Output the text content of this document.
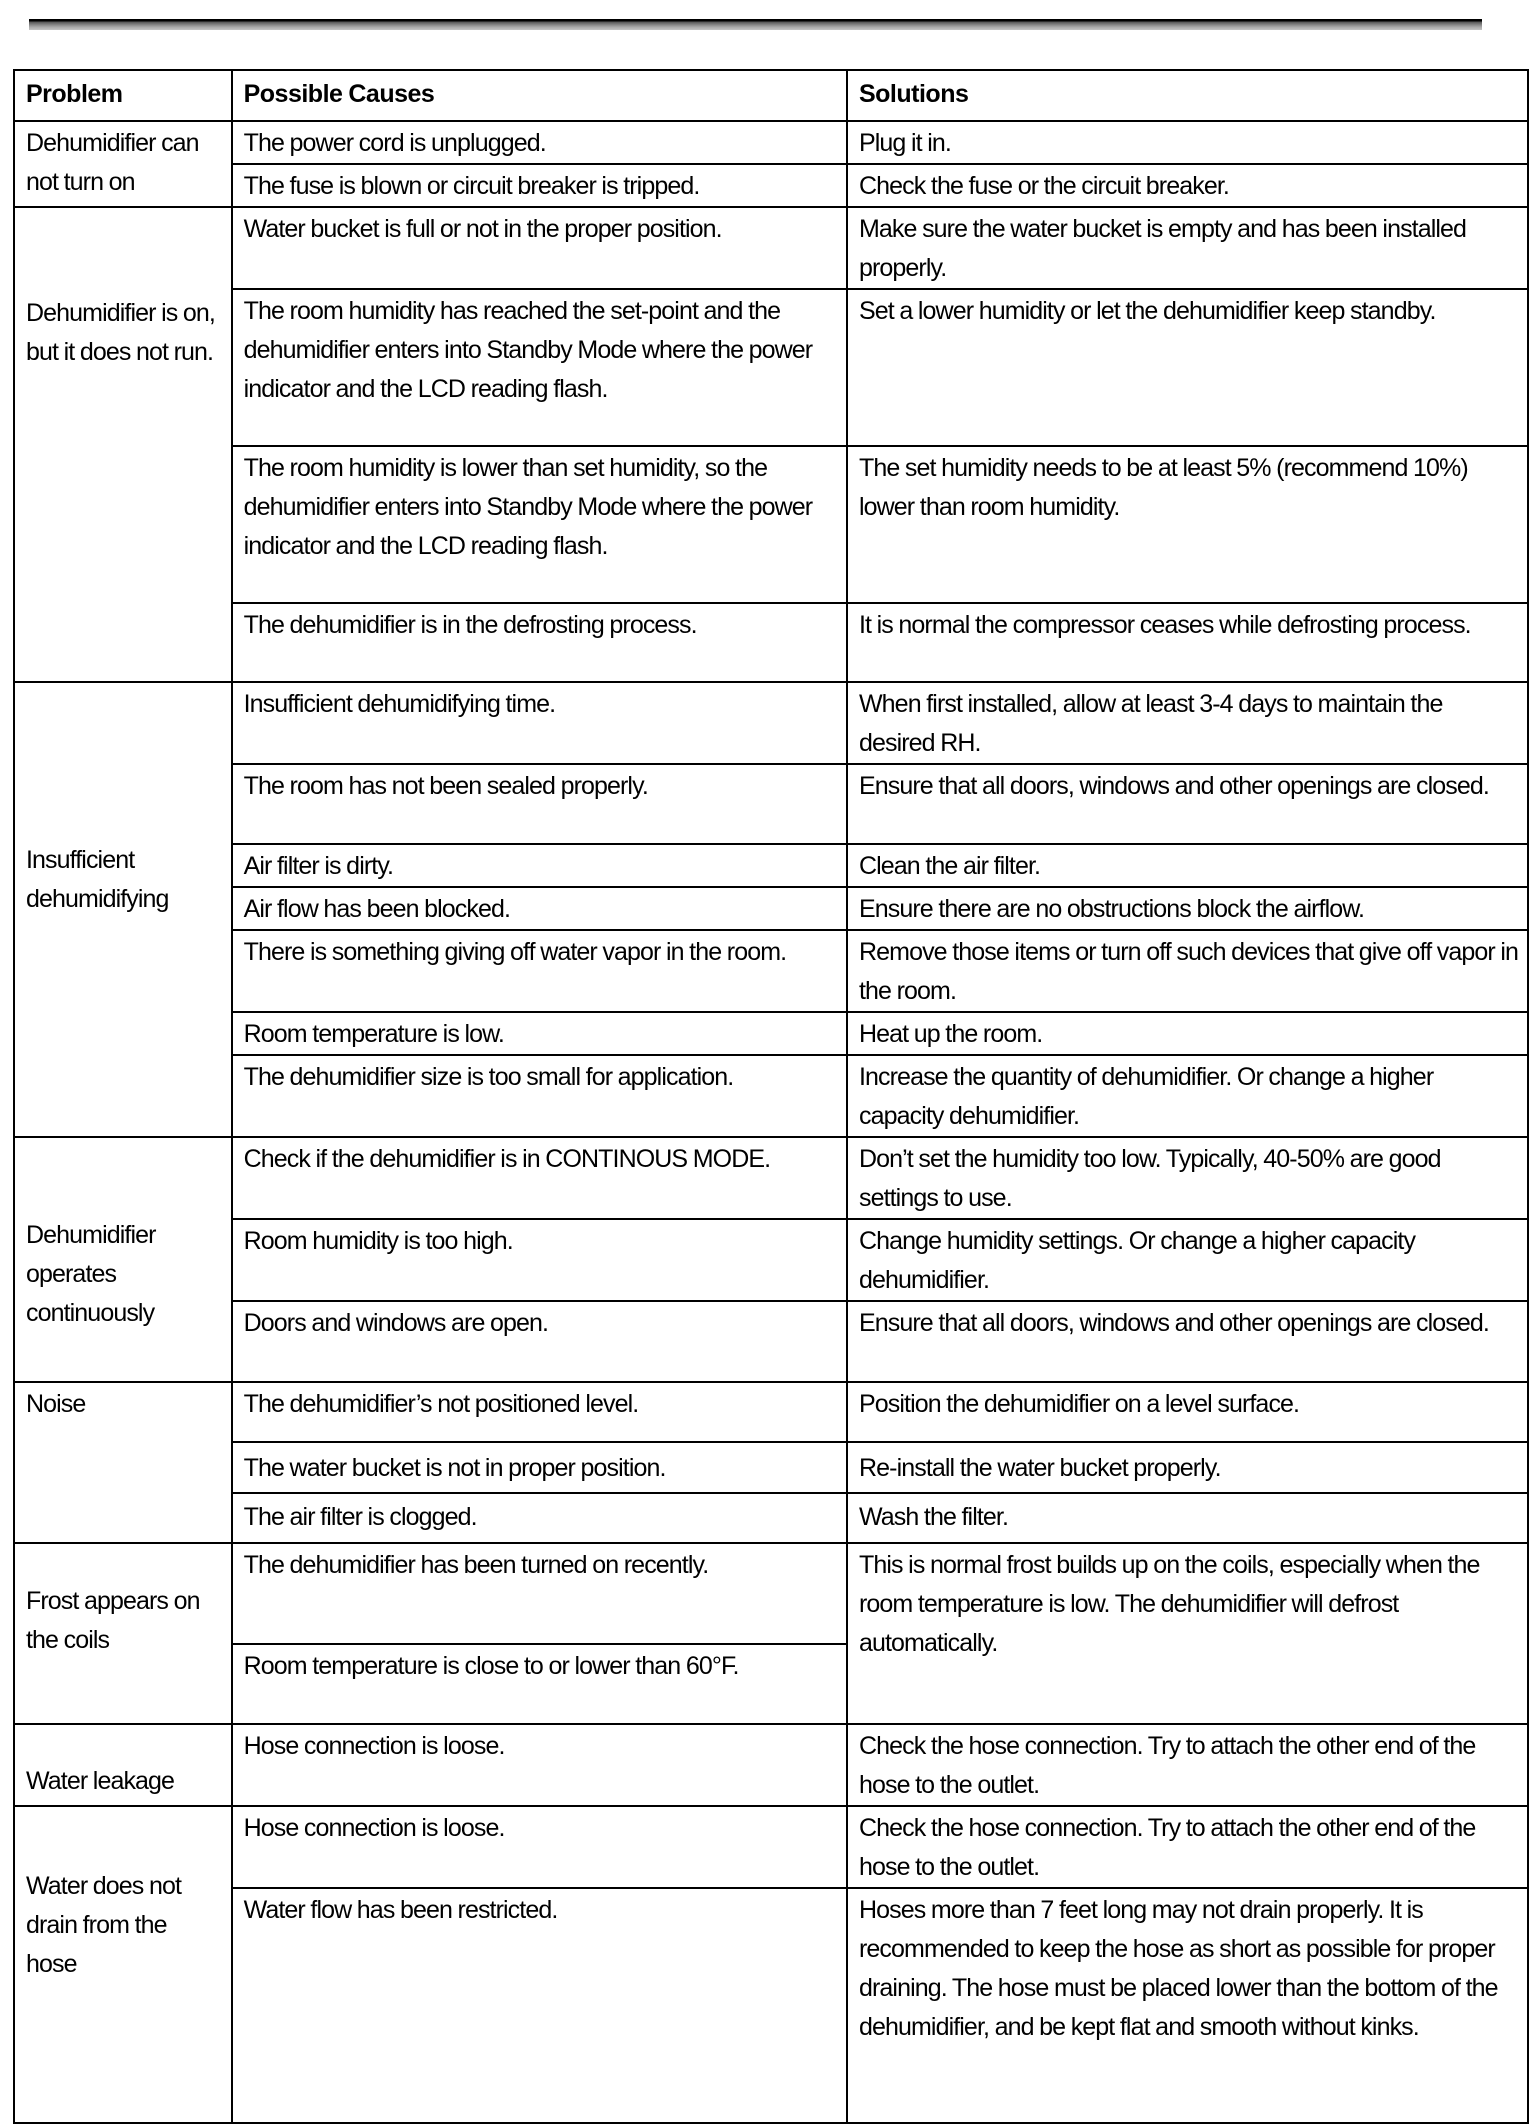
Problem	Possible Causes	Solutions
Dehumidifier can not turn on	The power cord is unplugged.	Plug it in.
	The fuse is blown or circuit breaker is tripped.	Check the fuse or the circuit breaker.
Dehumidifier is on, but it does not run.	Water bucket is full or not in the proper position.	Make sure the water bucket is empty and has been installed properly.
	The room humidity has reached the set-point and the dehumidifier enters into Standby Mode where the power indicator and the LCD reading flash.	Set a lower humidity or let the dehumidifier keep standby.
	The room humidity is lower than set humidity, so the dehumidifier enters into Standby Mode where the power indicator and the LCD reading flash.	The set humidity needs to be at least 5% (recommend 10%) lower than room humidity.
	The dehumidifier is in the defrosting process.	It is normal the compressor ceases while defrosting process.
Insufficient dehumidifying	Insufficient dehumidifying time.	When first installed, allow at least 3-4 days to maintain the desired RH.
	The room has not been sealed properly.	Ensure that all doors, windows and other openings are closed.
	Air filter is dirty.	Clean the air filter.
	Air flow has been blocked.	Ensure there are no obstructions block the airflow.
	There is something giving off water vapor in the room.	Remove those items or turn off such devices that give off vapor in the room.
	Room temperature is low.	Heat up the room.
	The dehumidifier size is too small for application.	Increase the quantity of dehumidifier. Or change a higher capacity dehumidifier.
Dehumidifier operates continuously	Check if the dehumidifier is in CONTINOUS MODE.	Don’t set the humidity too low. Typically, 40-50% are good settings to use.
	Room humidity is too high.	Change humidity settings. Or change a higher capacity dehumidifier.
	Doors and windows are open.	Ensure that all doors, windows and other openings are closed.
Noise	The dehumidifier’s not positioned level.	Position the dehumidifier on a level surface.
	The water bucket is not in proper position.	Re-install the water bucket properly.
	The air filter is clogged.	Wash the filter.
Frost appears on the coils	The dehumidifier has been turned on recently.	This is normal frost builds up on the coils, especially when the room temperature is low. The dehumidifier will defrost automatically.
	Room temperature is close to or lower than 60°F.	
Water leakage	Hose connection is loose.	Check the hose connection. Try to attach the other end of the hose to the outlet.
Water does not drain from the hose	Hose connection is loose.	Check the hose connection. Try to attach the other end of the hose to the outlet.
	Water flow has been restricted.	Hoses more than 7 feet long may not drain properly. It is recommended to keep the hose as short as possible for proper draining. The hose must be placed lower than the bottom of the dehumidifier, and be kept flat and smooth without kinks.
